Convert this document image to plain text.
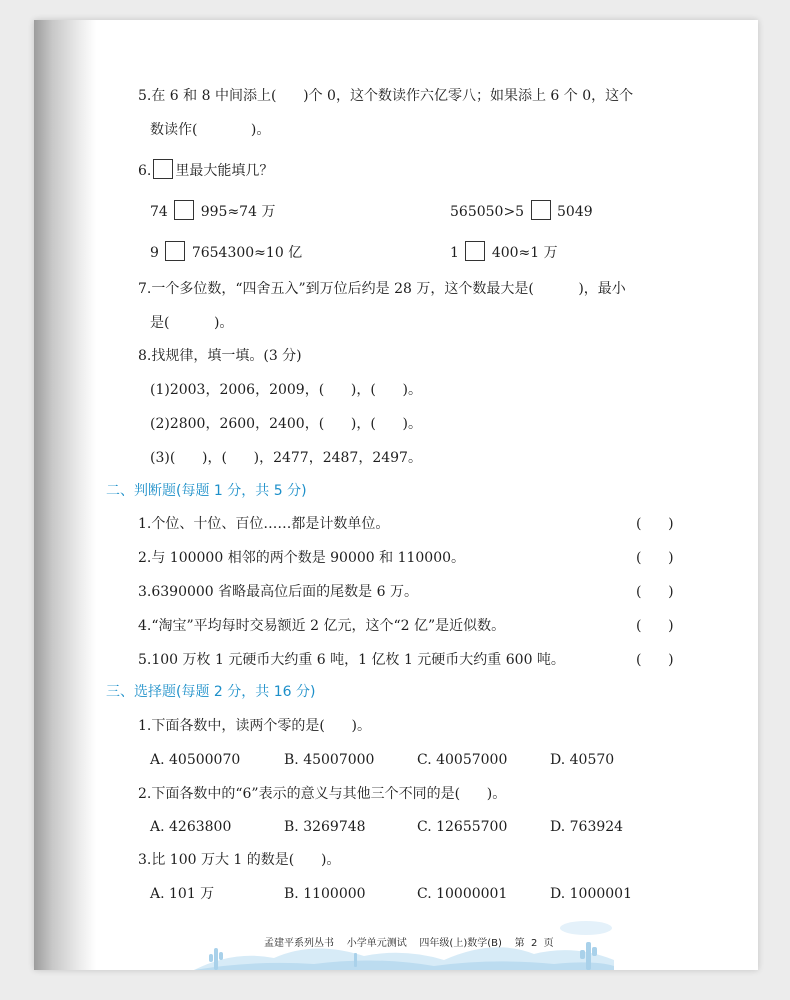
5.在 6 和 8 中间添上(      )个 0，这个数读作六亿零八；如果添上 6 个 0，这个
数读作(            )。
6. 里最大能填几？
74 995≈74 万	565050>5 5049
9 7654300≈10 亿	1 400≈1 万
7.一个多位数，“四舍五入”到万位后约是 28 万，这个数最大是(          )，最小
是(          )。
8.找规律，填一填。(3 分)
(1)2003，2006，2009，(      )，(      )。
(2)2800，2600，2400，(      )，(      )。
(3)(      )，(      )，2477，2487，2497。
二、判断题(每题 1 分，共 5 分)
1.个位、十位、百位……都是计数单位。	(      )
2.与 100000 相邻的两个数是 90000 和 110000。	(      )
3.6390000 省略最高位后面的尾数是 6 万。	(      )
4.“淘宝”平均每时交易额近 2 亿元，这个“2 亿”是近似数。	(      )
5.100 万枚 1 元硬币大约重 6 吨，1 亿枚 1 元硬币大约重 600 吨。	(      )
三、选择题(每题 2 分，共 16 分)
1.下面各数中，读两个零的是(      )。
A. 40500070	B. 45007000	C. 40057000	D. 40570
2.下面各数中的“6”表示的意义与其他三个不同的是(      )。
A. 4263800	B. 3269748	C. 12655700	D. 763924
3.比 100 万大 1 的数是(      )。
A. 101 万	B. 1100000	C. 10000001	D. 1000001
孟建平系列丛书    小学单元测试    四年级(上)数学(B)    第  2  页
